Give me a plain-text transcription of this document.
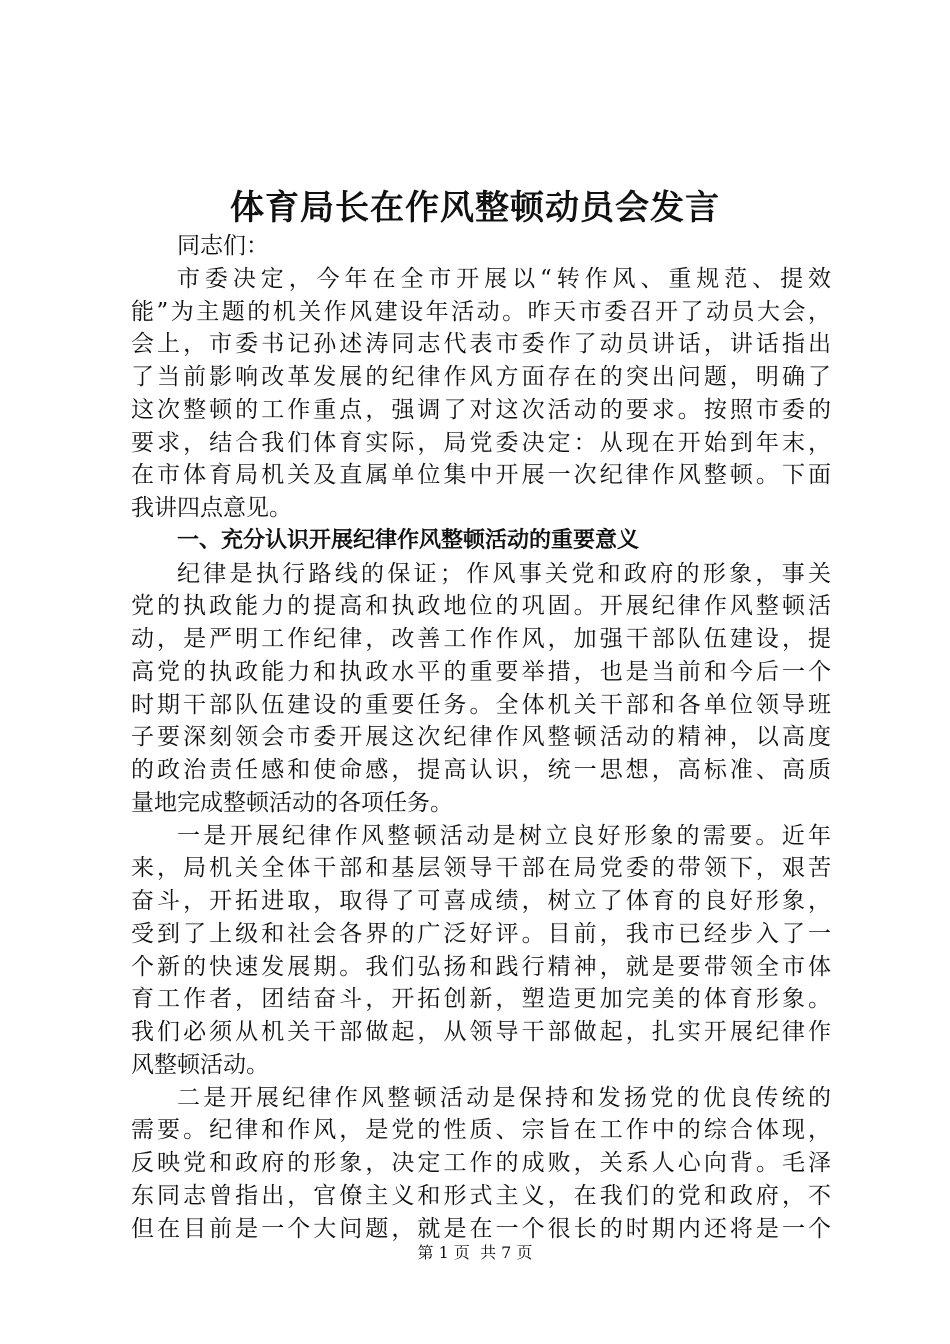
体育局长在作风整顿动员会发言
同志们：
市委决定，今年在全市开展以“转作风、重规范、提效
能”为主题的机关作风建设年活动。昨天市委召开了动员大会，
会上，市委书记孙述涛同志代表市委作了动员讲话，讲话指出
了当前影响改革发展的纪律作风方面存在的突出问题，明确了
这次整顿的工作重点，强调了对这次活动的要求。按照市委的
要求，结合我们体育实际，局党委决定：从现在开始到年末，
在市体育局机关及直属单位集中开展一次纪律作风整顿。下面
我讲四点意见。
一、充分认识开展纪律作风整顿活动的重要意义
纪律是执行路线的保证；作风事关党和政府的形象，事关
党的执政能力的提高和执政地位的巩固。开展纪律作风整顿活
动，是严明工作纪律，改善工作作风，加强干部队伍建设，提
高党的执政能力和执政水平的重要举措，也是当前和今后一个
时期干部队伍建设的重要任务。全体机关干部和各单位领导班
子要深刻领会市委开展这次纪律作风整顿活动的精神，以高度
的政治责任感和使命感，提高认识，统一思想，高标准、高质
量地完成整顿活动的各项任务。
一是开展纪律作风整顿活动是树立良好形象的需要。近年
来，局机关全体干部和基层领导干部在局党委的带领下，艰苦
奋斗，开拓进取，取得了可喜成绩，树立了体育的良好形象，
受到了上级和社会各界的广泛好评。目前，我市已经步入了一
个新的快速发展期。我们弘扬和践行精神，就是要带领全市体
育工作者，团结奋斗，开拓创新，塑造更加完美的体育形象。
我们必须从机关干部做起，从领导干部做起，扎实开展纪律作
风整顿活动。
二是开展纪律作风整顿活动是保持和发扬党的优良传统的
需要。纪律和作风，是党的性质、宗旨在工作中的综合体现，
反映党和政府的形象，决定工作的成败，关系人心向背。毛泽
东同志曾指出，官僚主义和形式主义，在我们的党和政府，不
但在目前是一个大问题，就是在一个很长的时期内还将是一个
第 1 页 共 7 页
